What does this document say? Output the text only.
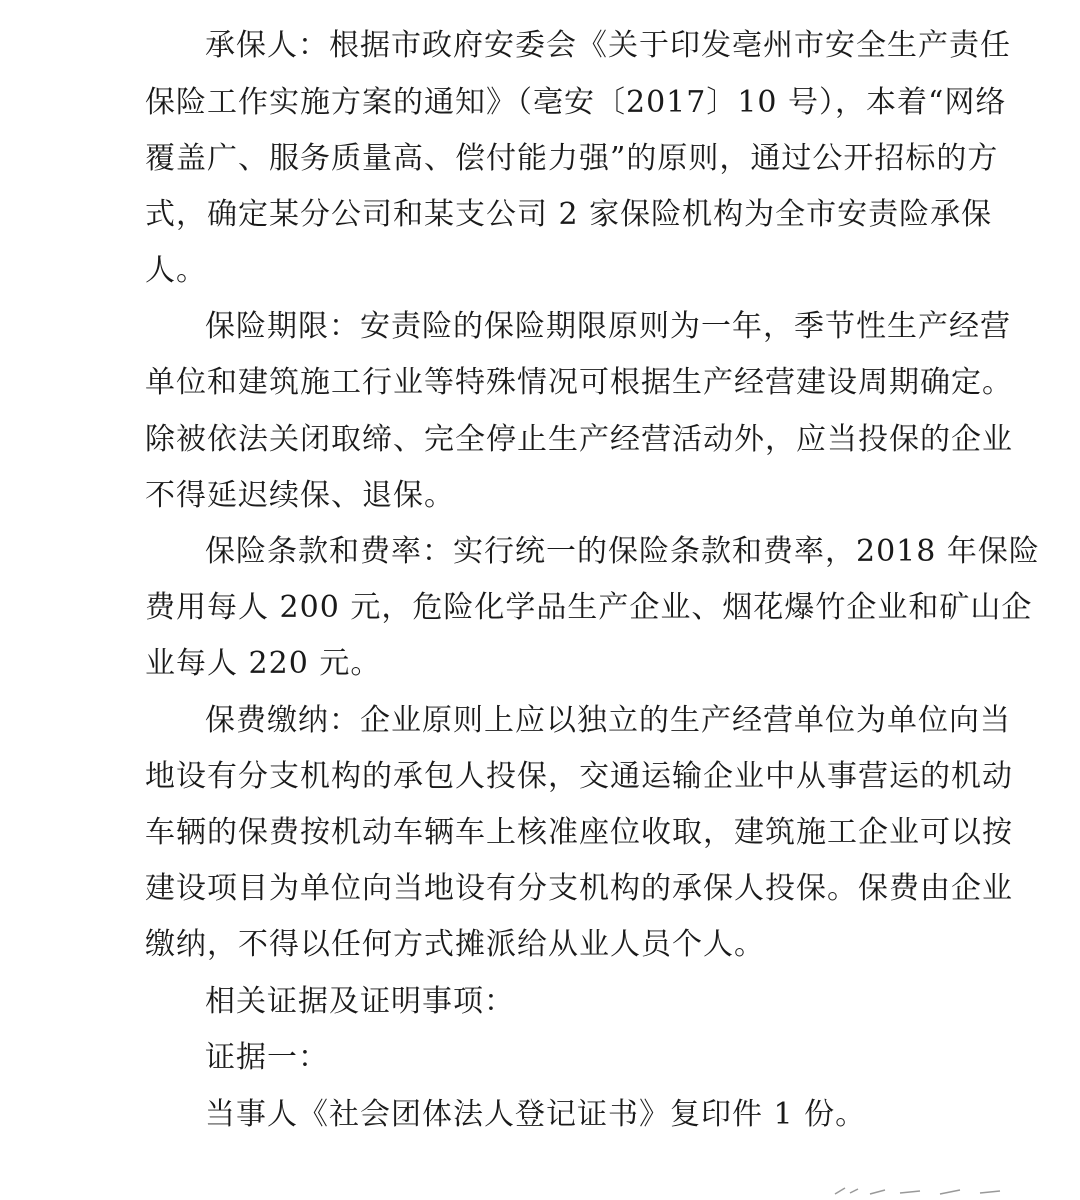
承保人：根据市政府安委会《关于印发亳州市安全生产责任
保险工作实施方案的通知》（亳安〔2017〕10 号），本着“网络
覆盖广、服务质量高、偿付能力强”的原则，通过公开招标的方
式，确定某分公司和某支公司 2 家保险机构为全市安责险承保
人。
保险期限：安责险的保险期限原则为一年，季节性生产经营
单位和建筑施工行业等特殊情况可根据生产经营建设周期确定。
除被依法关闭取缔、完全停止生产经营活动外，应当投保的企业
不得延迟续保、退保。
保险条款和费率：实行统一的保险条款和费率，2018 年保险
费用每人 200 元，危险化学品生产企业、烟花爆竹企业和矿山企
业每人 220 元。
保费缴纳：企业原则上应以独立的生产经营单位为单位向当
地设有分支机构的承包人投保，交通运输企业中从事营运的机动
车辆的保费按机动车辆车上核准座位收取，建筑施工企业可以按
建设项目为单位向当地设有分支机构的承保人投保。保费由企业
缴纳，不得以任何方式摊派给从业人员个人。
相关证据及证明事项：
证据一：
当事人《社会团体法人登记证书》复印件 1 份。
